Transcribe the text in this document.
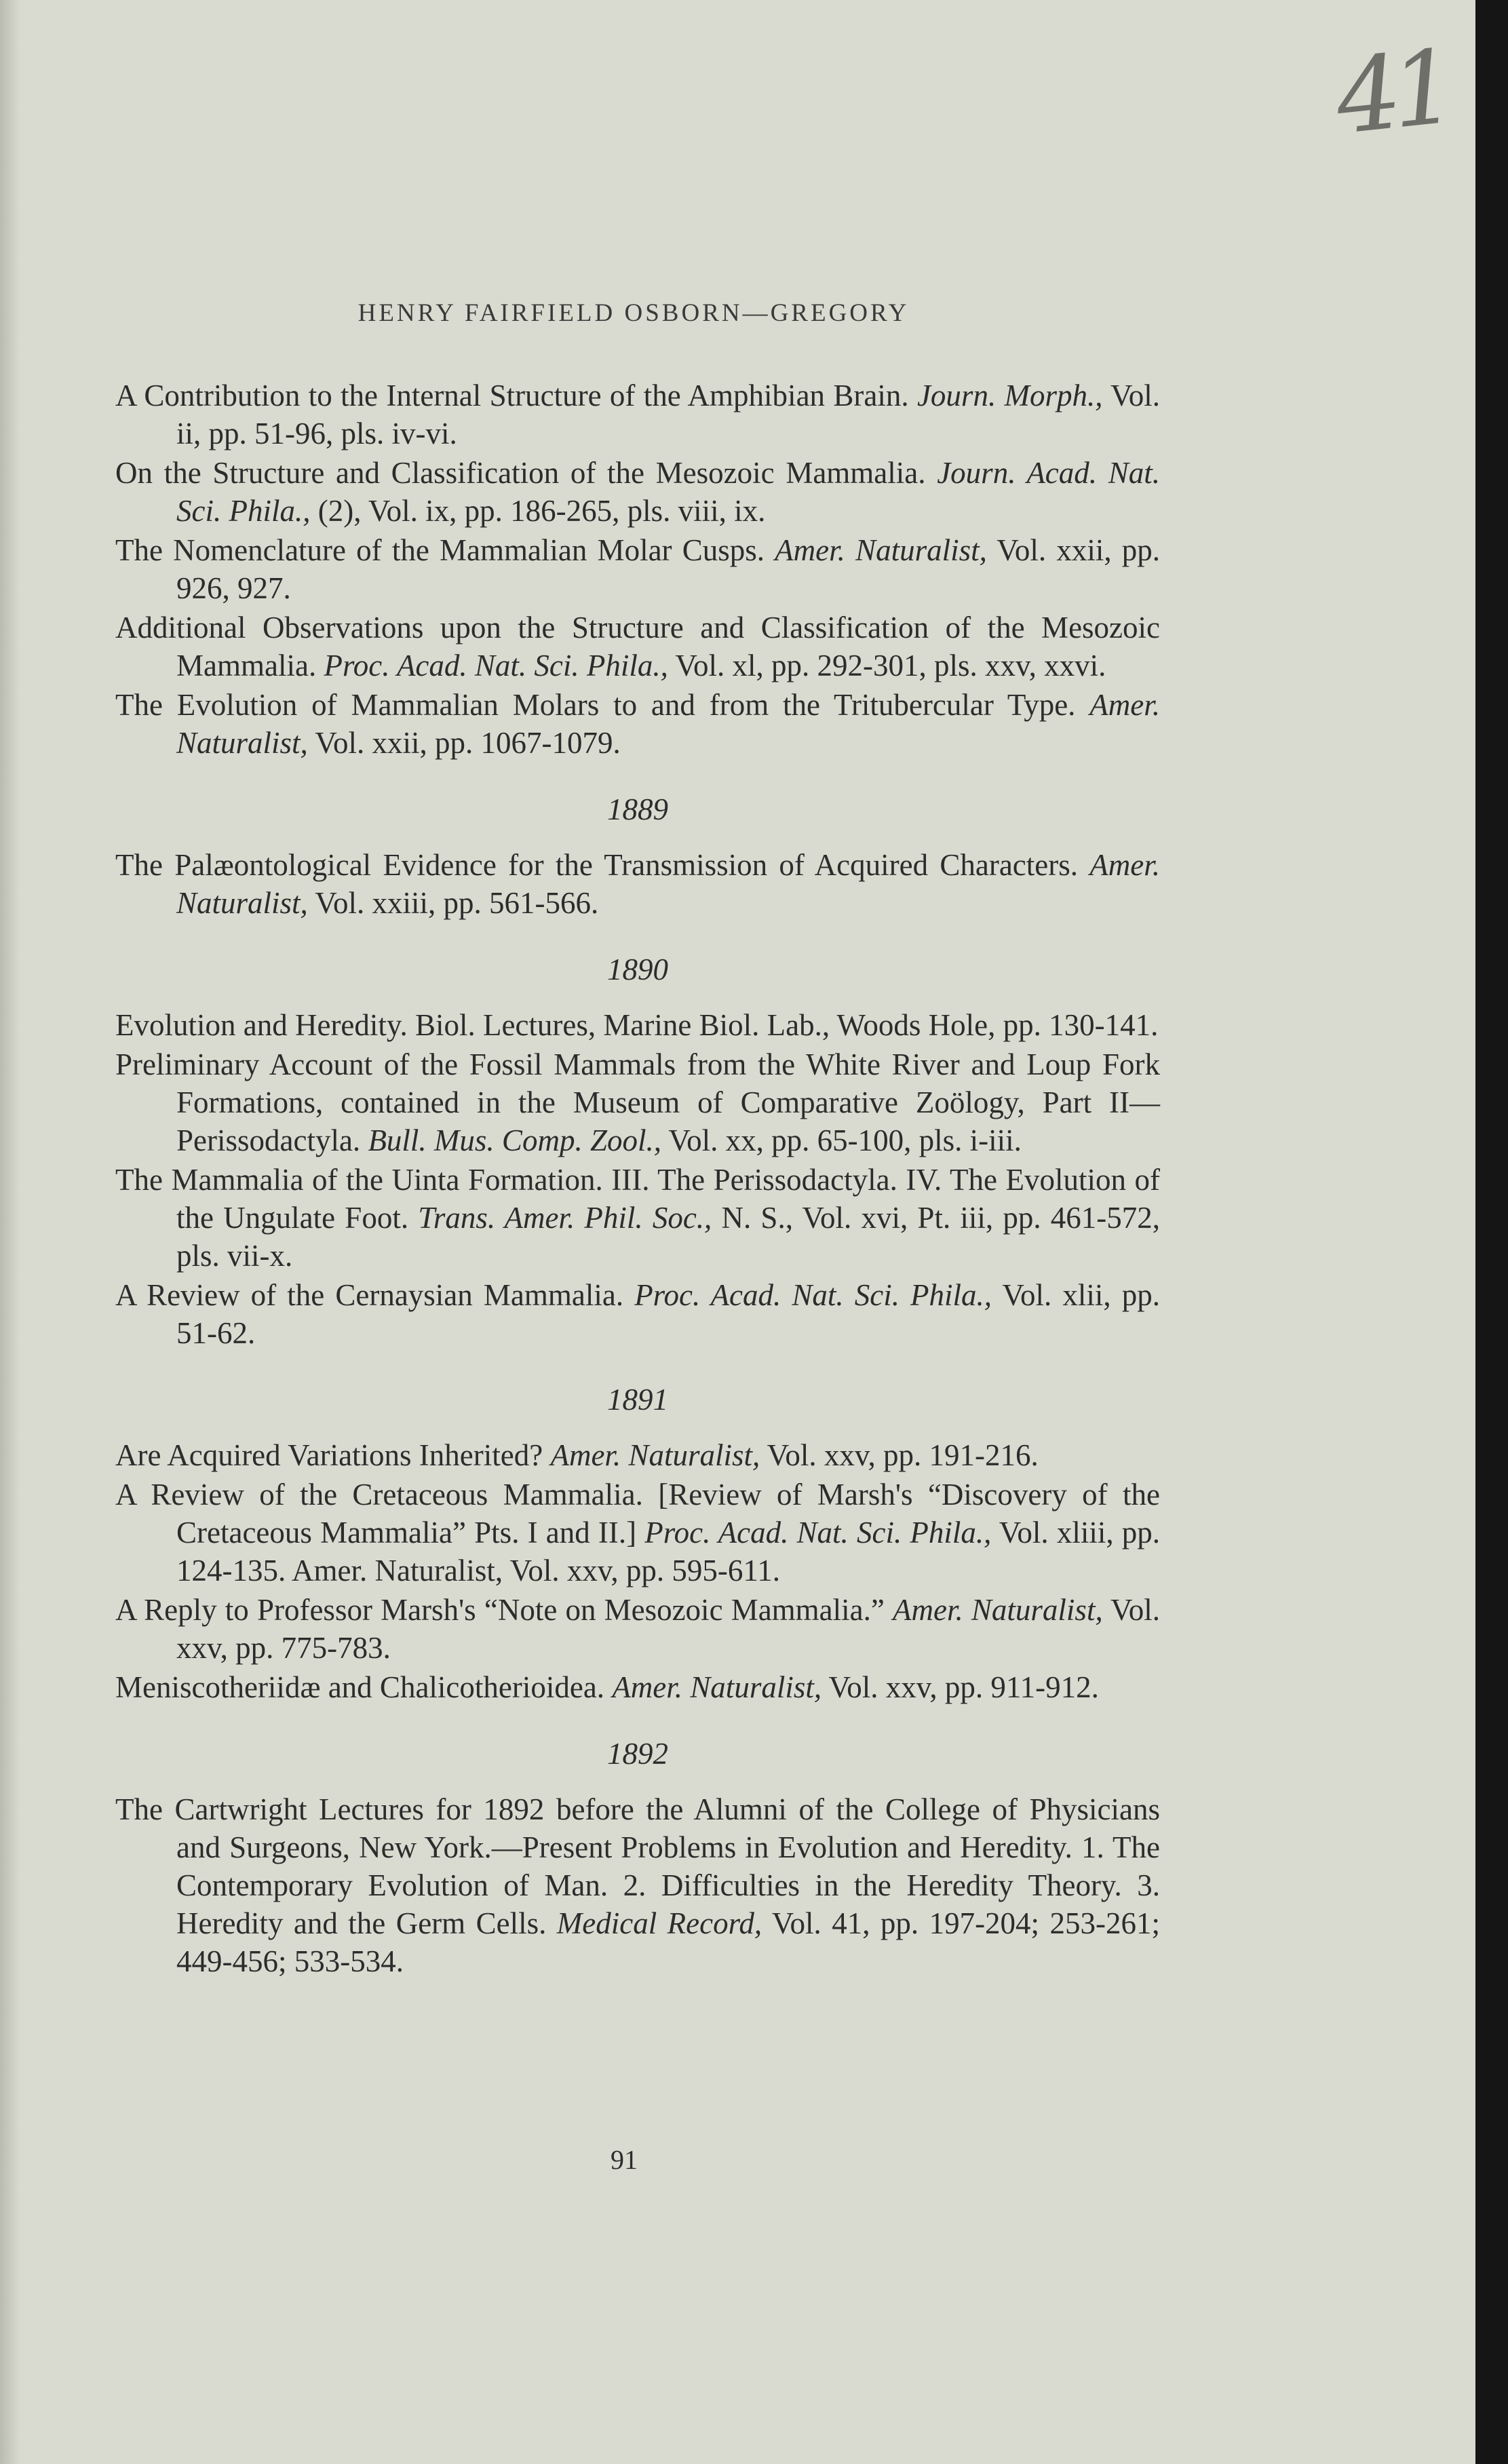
41
HENRY FAIRFIELD OSBORN—GREGORY

A Contribution to the Internal Structure of the Amphibian Brain. Journ. Morph., Vol. ii, pp. 51-96, pls. iv-vi.

On the Structure and Classification of the Mesozoic Mammalia. Journ. Acad. Nat. Sci. Phila., (2), Vol. ix, pp. 186-265, pls. viii, ix.

The Nomenclature of the Mammalian Molar Cusps. Amer. Naturalist, Vol. xxii, pp. 926, 927.

Additional Observations upon the Structure and Classification of the Mesozoic Mammalia. Proc. Acad. Nat. Sci. Phila., Vol. xl, pp. 292-301, pls. xxv, xxvi.

The Evolution of Mammalian Molars to and from the Tritubercular Type. Amer. Naturalist, Vol. xxii, pp. 1067-1079.

1889

The Palæontological Evidence for the Transmission of Acquired Characters. Amer. Naturalist, Vol. xxiii, pp. 561-566.

1890

Evolution and Heredity. Biol. Lectures, Marine Biol. Lab., Woods Hole, pp. 130-141.

Preliminary Account of the Fossil Mammals from the White River and Loup Fork Formations, contained in the Museum of Comparative Zoölogy, Part II—Perissodactyla. Bull. Mus. Comp. Zool., Vol. xx, pp. 65-100, pls. i-iii.

The Mammalia of the Uinta Formation. III. The Perissodactyla. IV. The Evolution of the Ungulate Foot. Trans. Amer. Phil. Soc., N. S., Vol. xvi, Pt. iii, pp. 461-572, pls. vii-x.

A Review of the Cernaysian Mammalia. Proc. Acad. Nat. Sci. Phila., Vol. xlii, pp. 51-62.

1891

Are Acquired Variations Inherited? Amer. Naturalist, Vol. xxv, pp. 191-216.

A Review of the Cretaceous Mammalia. [Review of Marsh's “Discovery of the Cretaceous Mammalia” Pts. I and II.] Proc. Acad. Nat. Sci. Phila., Vol. xliii, pp. 124-135. Amer. Naturalist, Vol. xxv, pp. 595-611.

A Reply to Professor Marsh's “Note on Mesozoic Mammalia.” Amer. Naturalist, Vol. xxv, pp. 775-783.

Meniscotheriidæ and Chalicotherioidea. Amer. Naturalist, Vol. xxv, pp. 911-912.

1892

The Cartwright Lectures for 1892 before the Alumni of the College of Physicians and Surgeons, New York.—Present Problems in Evolution and Heredity. 1. The Contemporary Evolution of Man. 2. Difficulties in the Heredity Theory. 3. Heredity and the Germ Cells. Medical Record, Vol. 41, pp. 197-204; 253-261; 449-456; 533-534.

91
